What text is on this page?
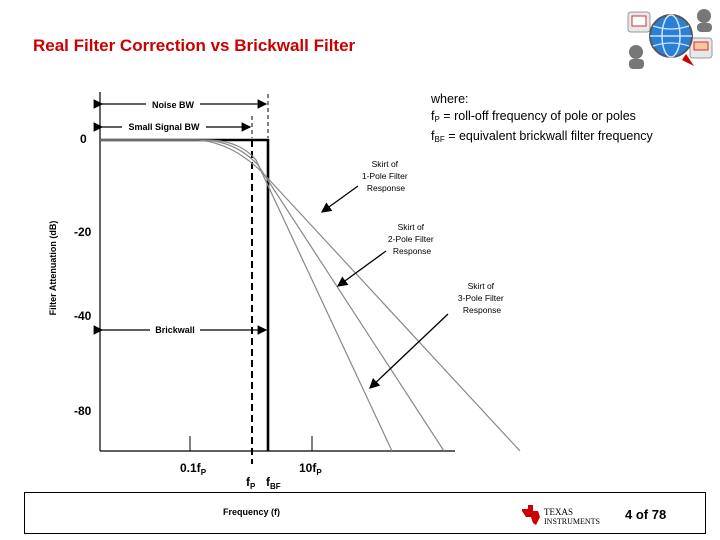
Real Filter Correction vs Brickwall Filter
where:
$f_P$ = roll-off frequency of pole or poles
$f_{BF}$ = equivalent brickwall filter frequency
Filter Attenuation (dB)
0
-20
-40
-80
$0.1f_P$
$f_P$ $f_{BF}$
$10f_P$
Noise BW
Small Signal BW
Brickwall
Skirt of 1-Pole Filter Response
Skirt of 2-Pole Filter Response
Skirt of 3-Pole Filter Response
Frequency (f)	TEXAS
INSTRUMENTS 4 of 78
